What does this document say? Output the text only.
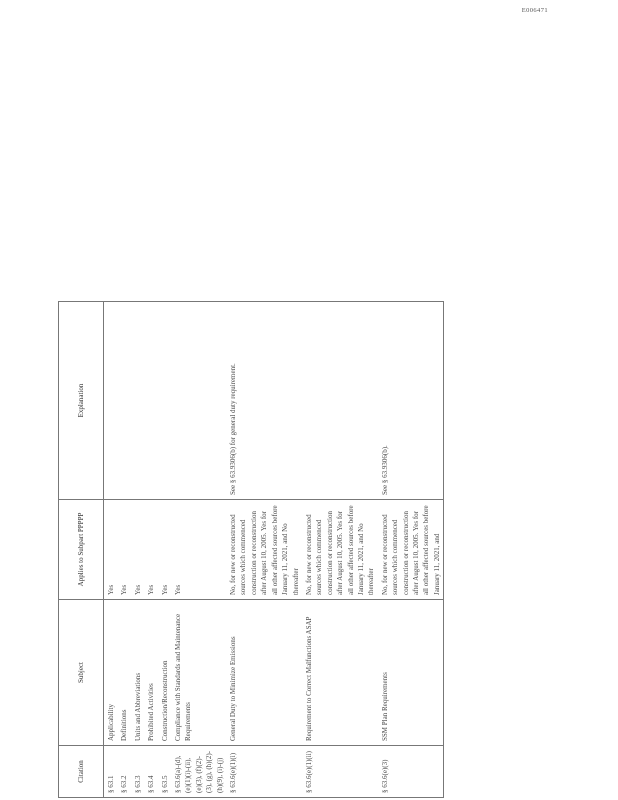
E006471
Citation	Subject	Applies to Subpart PPPPP	Explanation
§ 63.1	Applicability	Yes	
§ 63.2	Definitions	Yes	
§ 63.3	Units and Abbreviations	Yes	
§ 63.4	Prohibited Activities	Yes	
§ 63.5	Construction/Reconstruction	Yes	
§ 63.6(a)-(d), (e)(1)(i)-(ii), (e)(3), (f)(2)-(3), (g), (h)(2)-(h)(9), (i)-(j)	Compliance with Standards and Maintenance Requirements	Yes	
§ 63.6(e)(1)(i)	General Duty to Minimize Emissions	No, for new or reconstructed sources which commenced construction or reconstruction after August 10, 2005. Yes for all other affected sources before January 11, 2021, and No thereafter	See § 63.9306(b) for general duty requirement.
§ 63.6(e)(1)(ii)	Requirement to Correct Malfunctions ASAP	No, for new or reconstructed sources which commenced construction or reconstruction after August 10, 2005. Yes for all other affected sources before January 11, 2021, and No thereafter	
§ 63.6(e)(3)	SSM Plan Requirements	No, for new or reconstructed sources which commenced construction or reconstruction after August 10, 2005. Yes for all other affected sources before January 11, 2021, and	See § 63.9306(b).
